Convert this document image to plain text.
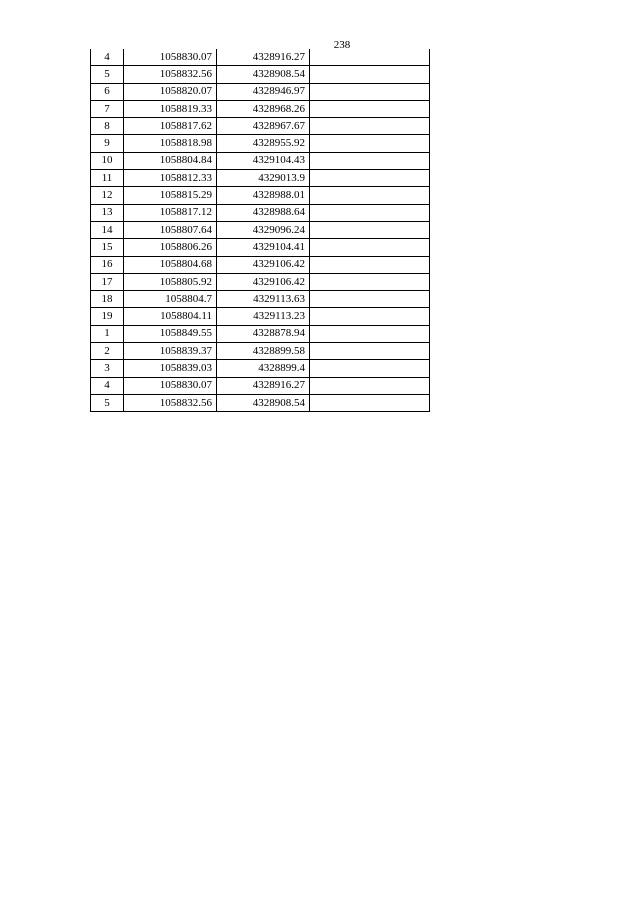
238
4	1058830.07	4328916.27	
5	1058832.56	4328908.54	
6	1058820.07	4328946.97	
7	1058819.33	4328968.26	
8	1058817.62	4328967.67	
9	1058818.98	4328955.92	
10	1058804.84	4329104.43	
11	1058812.33	4329013.9	
12	1058815.29	4328988.01	
13	1058817.12	4328988.64	
14	1058807.64	4329096.24	
15	1058806.26	4329104.41	
16	1058804.68	4329106.42	
17	1058805.92	4329106.42	
18	1058804.7	4329113.63	
19	1058804.11	4329113.23	
1	1058849.55	4328878.94	
2	1058839.37	4328899.58	
3	1058839.03	4328899.4	
4	1058830.07	4328916.27	
5	1058832.56	4328908.54	
